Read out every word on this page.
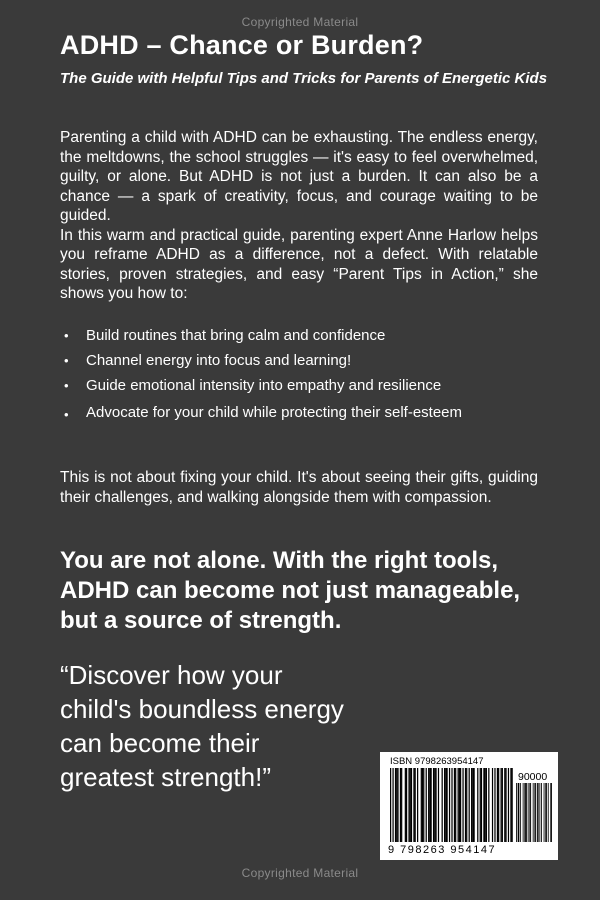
Copyrighted Material
ADHD – Chance or Burden?

The Guide with Helpful Tips and Tricks for Parents of Energetic Kids

Parenting a child with ADHD can be exhausting. The endless energy, the meltdowns, the school struggles — it's easy to feel overwhelmed, guilty, or alone. But ADHD is not just a burden. It can also be a chance — a spark of creativity, focus, and courage waiting to be guided.

In this warm and practical guide, parenting expert Anne Harlow helps you reframe ADHD as a difference, not a defect. With relatable stories, proven strategies, and easy “Parent Tips in Action,” she shows you how to:

• Build routines that bring calm and confidence
• Channel energy into focus and learning!
• Guide emotional intensity into empathy and resilience
• Advocate for your child while protecting their self-esteem

This is not about fixing your child. It's about seeing their gifts, guiding their challenges, and walking alongside them with compassion.

You are not alone. With the right tools, ADHD can become not just manageable, but a source of strength.

“Discover how your child's boundless energy can become their greatest strength!”

ISBN 9798263954147
90000
9 798263 954147
Copyrighted Material
